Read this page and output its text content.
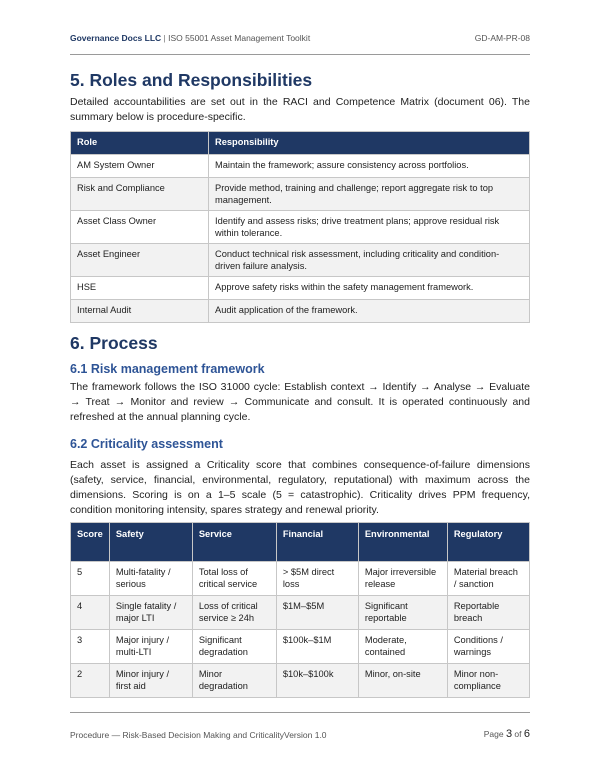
Governance Docs LLC | ISO 55001 Asset Management Toolkit	GD-AM-PR-08
5. Roles and Responsibilities

Detailed accountabilities are set out in the RACI and Competence Matrix (document 06). The summary below is procedure-specific.

Role	Responsibility
AM System Owner	Maintain the framework; assure consistency across portfolios.
Risk and Compliance	Provide method, training and challenge; report aggregate risk to top management.
Asset Class Owner	Identify and assess risks; drive treatment plans; approve residual risk within tolerance.
Asset Engineer	Conduct technical risk assessment, including criticality and condition-driven failure analysis.
HSE	Approve safety risks within the safety management framework.
Internal Audit	Audit application of the framework.
6. Process
6.1 Risk management framework

The framework follows the ISO 31000 cycle: Establish context → Identify → Analyse → Evaluate → Treat → Monitor and review → Communicate and consult. It is operated continuously and refreshed at the annual planning cycle.

6.2 Criticality assessment

Each asset is assigned a Criticality score that combines consequence-of-failure dimensions (safety, service, financial, environmental, regulatory, reputational) with maximum across the dimensions. Scoring is on a 1–5 scale (5 = catastrophic). Criticality drives PPM frequency, condition monitoring intensity, spares strategy and renewal priority.

Score	Safety	Service	Financial	Environmental	Regulatory
5	Multi-fatality / serious	Total loss of critical service	> $5M direct loss	Major irreversible release	Material breach / sanction
4	Single fatality / major LTI	Loss of critical service ≥ 24h	$1M–$5M	Significant reportable	Reportable breach
3	Major injury / multi-LTI	Significant degradation	$100k–$1M	Moderate, contained	Conditions / warnings
2	Minor injury / first aid	Minor degradation	$10k–$100k	Minor, on-site	Minor non-compliance
Procedure — Risk-Based Decision Making and CriticalityVersion 1.0	Page 3 of 6
